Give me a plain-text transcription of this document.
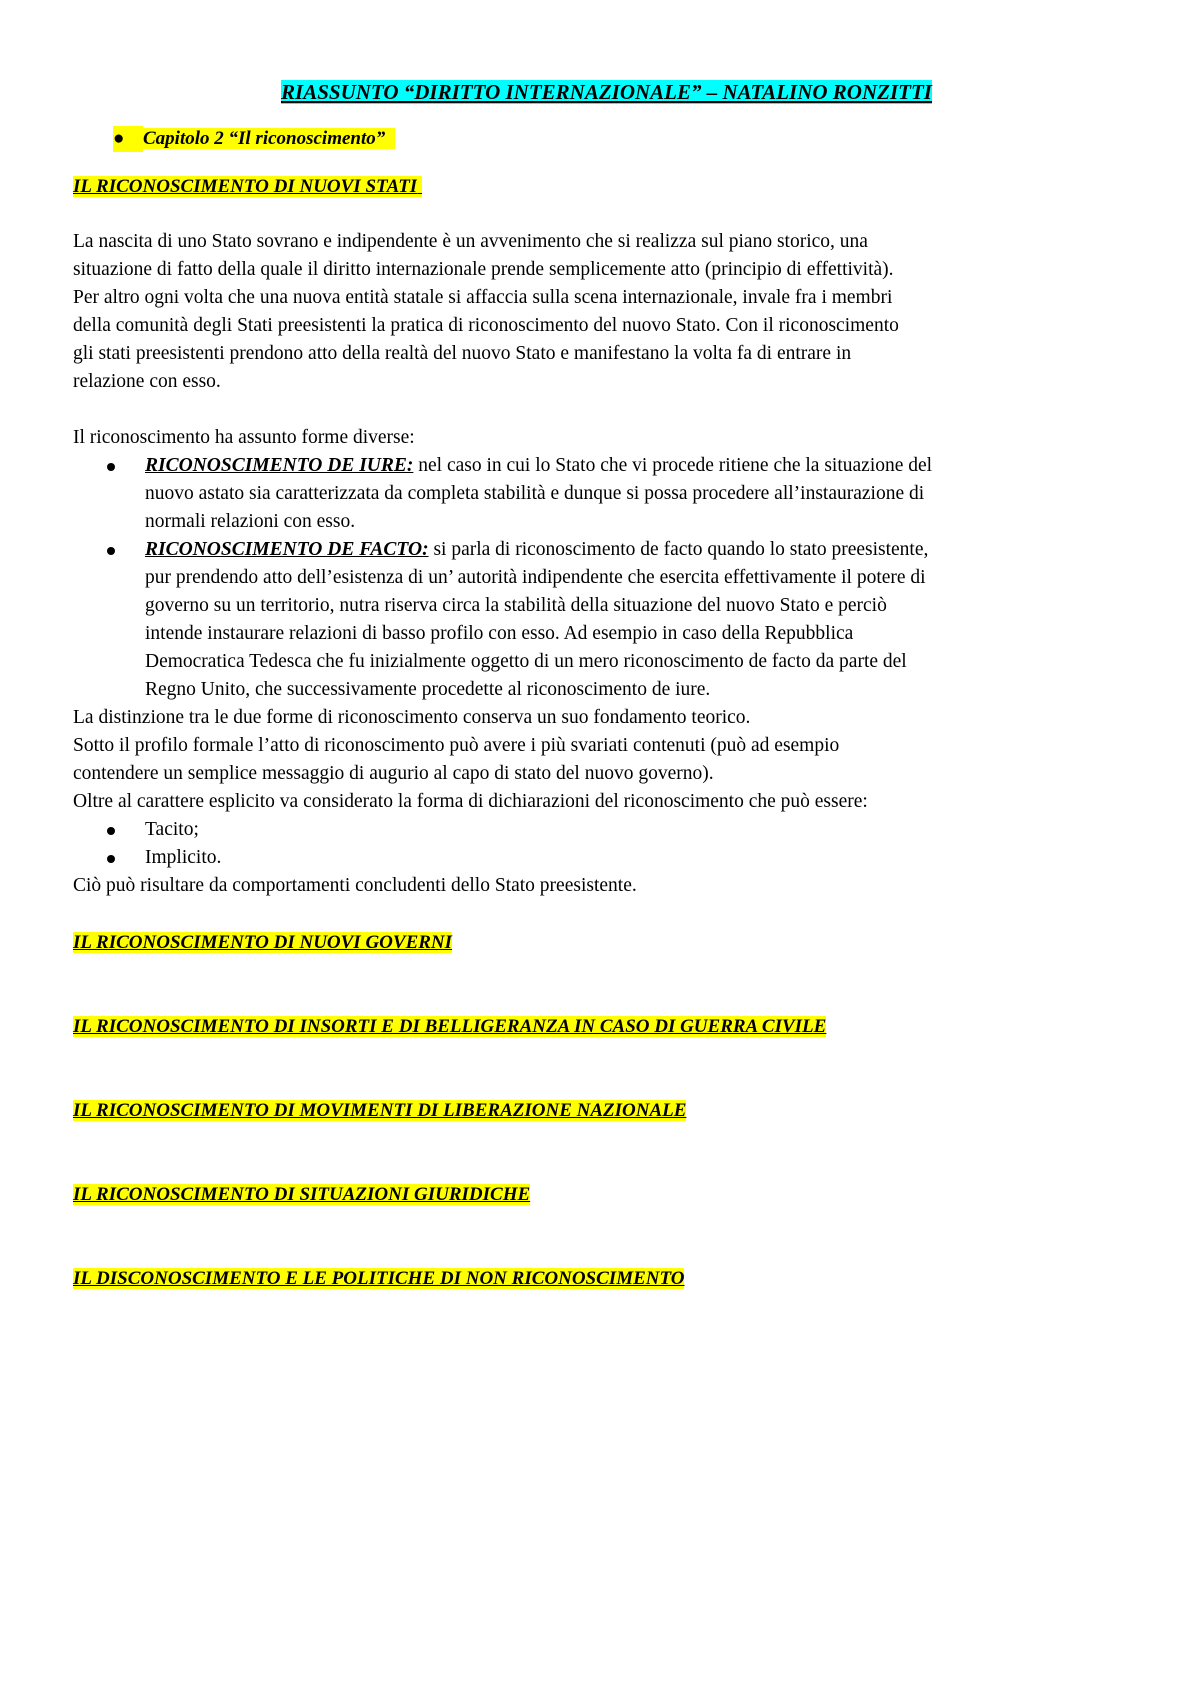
RIASSUNTO “DIRITTO INTERNAZIONALE” – NATALINO RONZITTI

● Capitolo 2 “Il riconoscimento”

IL RICONOSCIMENTO DI NUOVI STATI

La nascita di uno Stato sovrano e indipendente è un avvenimento che si realizza sul piano storico, una
situazione di fatto della quale il diritto internazionale prende semplicemente atto (principio di effettività).
Per altro ogni volta che una nuova entità statale si affaccia sulla scena internazionale, invale fra i membri
della comunità degli Stati preesistenti la pratica di riconoscimento del nuovo Stato. Con il riconoscimento
gli stati preesistenti prendono atto della realtà del nuovo Stato e manifestano la volta fa di entrare in
relazione con esso.

Il riconoscimento ha assunto forme diverse:

RICONOSCIMENTO DE IURE: nel caso in cui lo Stato che vi procede ritiene che la situazione del
nuovo astato sia caratterizzata da completa stabilità e dunque si possa procedere all’instaurazione di
normali relazioni con esso.
RICONOSCIMENTO DE FACTO: si parla di riconoscimento de facto quando lo stato preesistente,
pur prendendo atto dell’esistenza di un’ autorità indipendente che esercita effettivamente il potere di
governo su un territorio, nutra riserva circa la stabilità della situazione del nuovo Stato e perciò
intende instaurare relazioni di basso profilo con esso. Ad esempio in caso della Repubblica
Democratica Tedesca che fu inizialmente oggetto di un mero riconoscimento de facto da parte del
Regno Unito, che successivamente procedette al riconoscimento de iure.

La distinzione tra le due forme di riconoscimento conserva un suo fondamento teorico.
Sotto il profilo formale l’atto di riconoscimento può avere i più svariati contenuti (può ad esempio
contendere un semplice messaggio di augurio al capo di stato del nuovo governo).
Oltre al carattere esplicito va considerato la forma di dichiarazioni del riconoscimento che può essere:

Tacito;
Implicito.

Ciò può risultare da comportamenti concludenti dello Stato preesistente.

IL RICONOSCIMENTO DI NUOVI GOVERNI

IL RICONOSCIMENTO DI INSORTI E DI BELLIGERANZA IN CASO DI GUERRA CIVILE

IL RICONOSCIMENTO DI MOVIMENTI DI LIBERAZIONE NAZIONALE

IL RICONOSCIMENTO DI SITUAZIONI GIURIDICHE

IL DISCONOSCIMENTO E LE POLITICHE DI NON RICONOSCIMENTO
